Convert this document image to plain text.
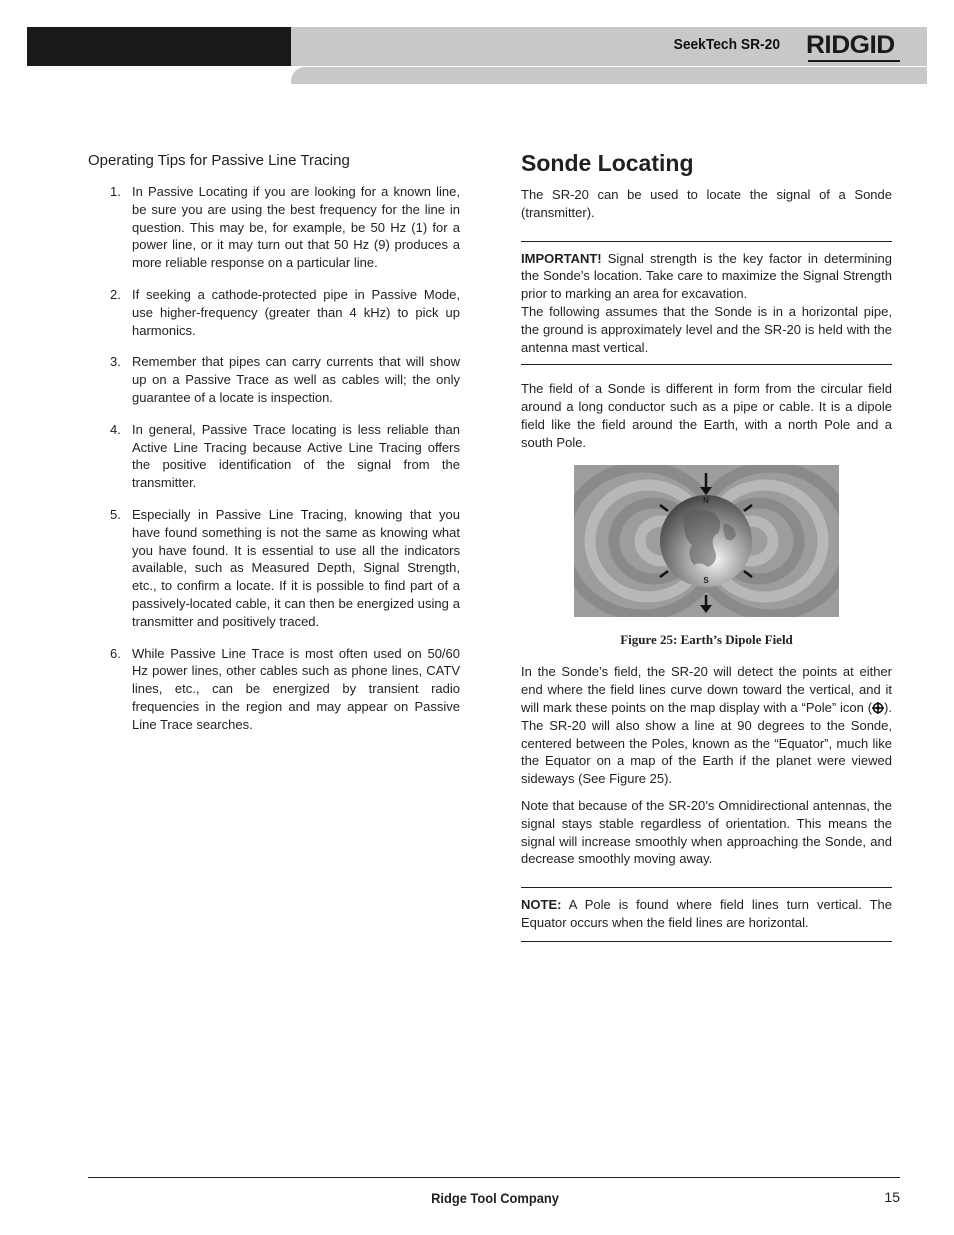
SeekTech SR-20 RIDGID
Operating Tips for Passive Line Tracing
1. In Passive Locating if you are looking for a known line, be sure you are using the best frequency for the line in question. This may be, for example, be 50 Hz (1) for a power line, or it may turn out that 50 Hz (9) produces a more reliable response on a particular line.
2. If seeking a cathode-protected pipe in Passive Mode, use higher-frequency (greater than 4 kHz) to pick up harmonics.
3. Remember that pipes can carry currents that will show up on a Passive Trace as well as cables will; the only guarantee of a locate is inspection.
4. In general, Passive Trace locating is less reliable than Active Line Tracing because Active Line Tracing offers the positive identification of the signal from the transmitter.
5. Especially in Passive Line Tracing, knowing that you have found something is not the same as knowing what you have found. It is essential to use all the indicators available, such as Measured Depth, Signal Strength, etc., to confirm a locate. If it is possible to find part of a passively-located cable, it can then be energized using a transmitter and positively traced.
6. While Passive Line Trace is most often used on 50/60 Hz power lines, other cables such as phone lines, CATV lines, etc., can be energized by transient radio frequencies in the region and may appear on Passive Line Trace searches.
Sonde Locating

The SR-20 can be used to locate the signal of a Sonde (transmitter).

IMPORTANT! Signal strength is the key factor in determining the Sonde’s location. Take care to maximize the Signal Strength prior to marking an area for excavation.

The following assumes that the Sonde is in a horizontal pipe, the ground is approximately level and the SR-20 is held with the antenna mast vertical.

The field of a Sonde is different in form from the circular field around a long conductor such as a pipe or cable. It is a dipole field like the field around the Earth, with a north Pole and a south Pole.

N
S
Figure 25: Earth’s Dipole Field

In the Sonde’s field, the SR-20 will detect the points at either end where the field lines curve down toward the vertical, and it will mark these points on the map display with a “Pole” icon ( ). The SR-20 will also show a line at 90 degrees to the Sonde, centered between the Poles, known as the “Equator”, much like the Equator on a map of the Earth if the planet were viewed sideways (See Figure 25).

Note that because of the SR-20’s Omnidirectional antennas, the signal stays stable regardless of orientation. This means the signal will increase smoothly when approaching the Sonde, and decrease smoothly moving away.

NOTE: A Pole is found where field lines turn vertical. The Equator occurs when the field lines are horizontal.

Ridge Tool Company	15
